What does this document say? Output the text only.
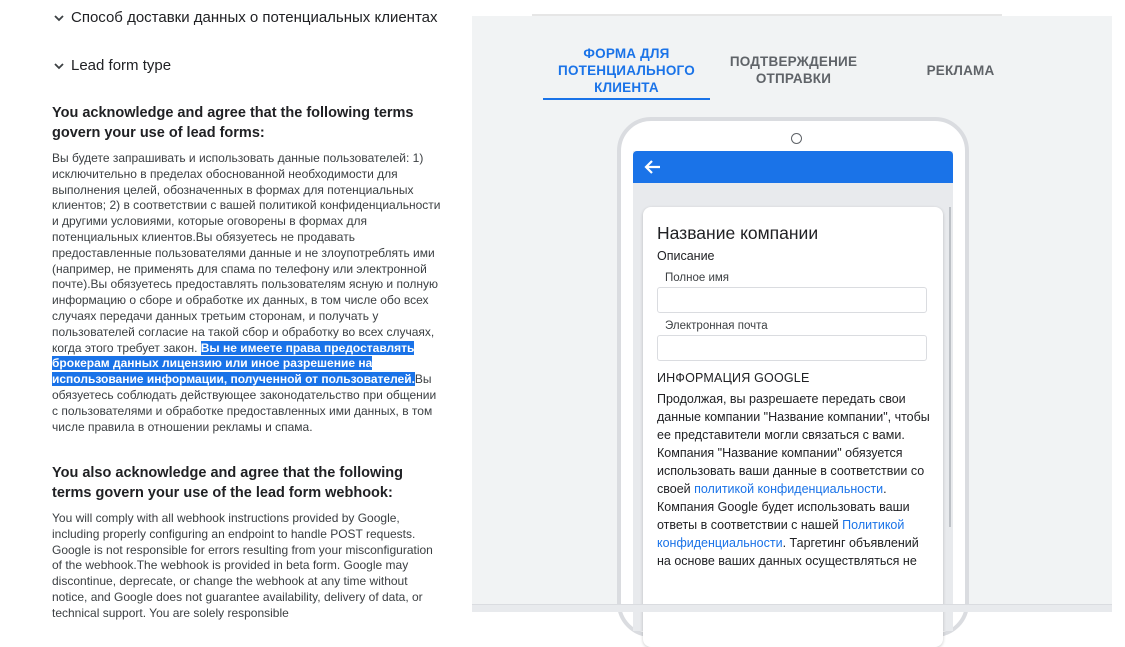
Способ доставки данных о потенциальных клиентах
Lead form type
You acknowledge and agree that the following terms govern your use of lead forms:

Вы будете запрашивать и использовать данные пользователей: 1) исключительно в пределах обоснованной необходимости для выполнения целей, обозначенных в формах для потенциальных клиентов; 2) в соответствии с вашей политикой конфиденциальности и другими условиями, которые оговорены в формах для потенциальных клиентов.Вы обязуетесь не продавать предоставленные пользователями данные и не злоупотреблять ими (например, не применять для спама по телефону или электронной почте).Вы обязуетесь предоставлять пользователям ясную и полную информацию о сборе и обработке их данных, в том числе обо всех случаях передачи данных третьим сторонам, и получать у пользователей согласие на такой сбор и обработку во всех случаях, когда этого требует закон. Вы не имеете права предоставлять брокерам данных лицензию или иное разрешение на использование информации, полученной от пользователей.Вы обязуетесь соблюдать действующее законодательство при общении с пользователями и обработке предоставленных ими данных, в том числе правила в отношении рекламы и спама.

You also acknowledge and agree that the following terms govern your use of the lead form webhook:

You will comply with all webhook instructions provided by Google, including properly configuring an endpoint to handle POST requests. Google is not responsible for errors resulting from your misconfiguration of the webhook.The webhook is provided in beta form. Google may discontinue, deprecate, or change the webhook at any time without notice, and Google does not guarantee availability, delivery of data, or technical support. You are solely responsible

ФОРМА ДЛЯ ПОТЕНЦИАЛЬНОГО КЛИЕНТА
ПОДТВЕРЖДЕНИЕ ОТПРАВКИ
РЕКЛАМА
Название компании
Описание
Полное имя
Электронная почта
ИНФОРМАЦИЯ GOOGLE
Продолжая, вы разрешаете передать свои данные компании "Название компании", чтобы ее представители могли связаться с вами. Компания "Название компании" обязуется использовать ваши данные в соответствии со своей политикой конфиденциальности. Компания Google будет использовать ваши ответы в соответствии с нашей Политикой конфиденциальности. Таргетинг объявлений на основе ваших данных осуществляться не
